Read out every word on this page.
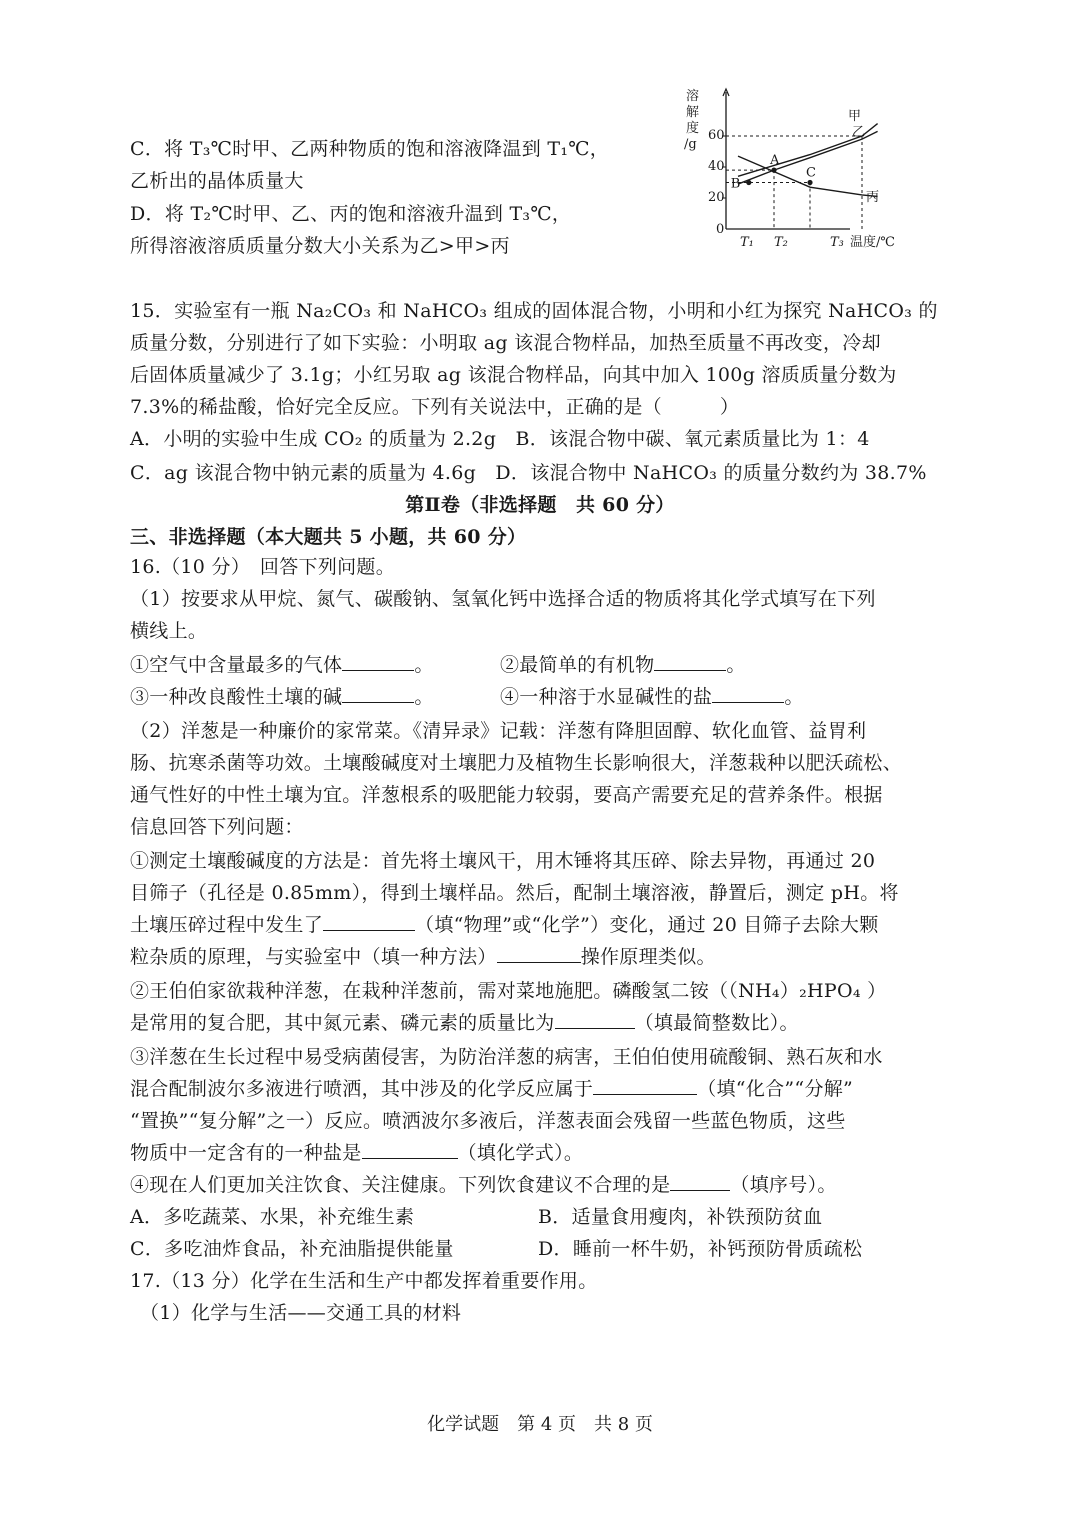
C．将 T₃℃时甲、乙两种物质的饱和溶液降温到 T₁℃，
乙析出的晶体质量大
D．将 T₂℃时甲、乙、丙的饱和溶液升温到 T₃℃，
所得溶液溶质质量分数大小关系为乙>甲>丙
溶
解
度
/g
60
40
20
0
A
B
C
T₁ T₂	T₃ 温度/℃
甲
乙
丙
15．实验室有一瓶 Na₂CO₃ 和 NaHCO₃ 组成的固体混合物，小明和小红为探究 NaHCO₃ 的
质量分数，分别进行了如下实验：小明取 ag 该混合物样品，加热至质量不再改变，冷却
后固体质量减少了 3.1g；小红另取 ag 该混合物样品，向其中加入 100g 溶质质量分数为
7.3%的稀盐酸，恰好完全反应。下列有关说法中，正确的是（　　　）
A．小明的实验中生成 CO₂ 的质量为 2.2g　B．该混合物中碳、氧元素质量比为 1：4
C．ag 该混合物中钠元素的质量为 4.6g　D．该混合物中 NaHCO₃ 的质量分数约为 38.7%
第Ⅱ卷（非选择题　共 60 分）
三、非选择题（本大题共 5 小题，共 60 分）
16.（10 分）　回答下列问题。
（1）按要求从甲烷、氮气、碳酸钠、氢氧化钙中选择合适的物质将其化学式填写在下列
横线上。
①空气中含量最多的气体	。	②最简单的有机物	。
③一种改良酸性土壤的碱	。	④一种溶于水显碱性的盐	。
（2）洋葱是一种廉价的家常菜。《清异录》记载：洋葱有降胆固醇、软化血管、益胃利
肠、抗寒杀菌等功效。土壤酸碱度对土壤肥力及植物生长影响很大，洋葱栽种以肥沃疏松、
通气性好的中性土壤为宜。洋葱根系的吸肥能力较弱，要高产需要充足的营养条件。根据
信息回答下列问题：
①测定土壤酸碱度的方法是：首先将土壤风干，用木锤将其压碎、除去异物，再通过 20
目筛子（孔径是 0.85mm），得到土壤样品。然后，配制土壤溶液，静置后，测定 pH。将
土壤压碎过程中发生了	（填“物理”或“化学”）变化，通过 20 目筛子去除大颗
粒杂质的原理，与实验室中（填一种方法）	操作原理类似。
②王伯伯家欲栽种洋葱，在栽种洋葱前，需对菜地施肥。磷酸氢二铵（（NH₄）₂HPO₄ ）
是常用的复合肥，其中氮元素、磷元素的质量比为	（填最简整数比）。
③洋葱在生长过程中易受病菌侵害，为防治洋葱的病害，王伯伯使用硫酸铜、熟石灰和水
混合配制波尔多液进行喷洒，其中涉及的化学反应属于	（填“化合”“分解”
“置换”“复分解”之一）反应。喷洒波尔多液后，洋葱表面会残留一些蓝色物质，这些
物质中一定含有的一种盐是	（填化学式）。
④现在人们更加关注饮食、关注健康。下列饮食建议不合理的是	（填序号）。
A．多吃蔬菜、水果，补充维生素	B．适量食用瘦肉，补铁预防贫血
C．多吃油炸食品，补充油脂提供能量	D．睡前一杯牛奶，补钙预防骨质疏松
17.（13 分）化学在生活和生产中都发挥着重要作用。
（1）化学与生活——交通工具的材料
化学试题　第 4 页　共 8 页
